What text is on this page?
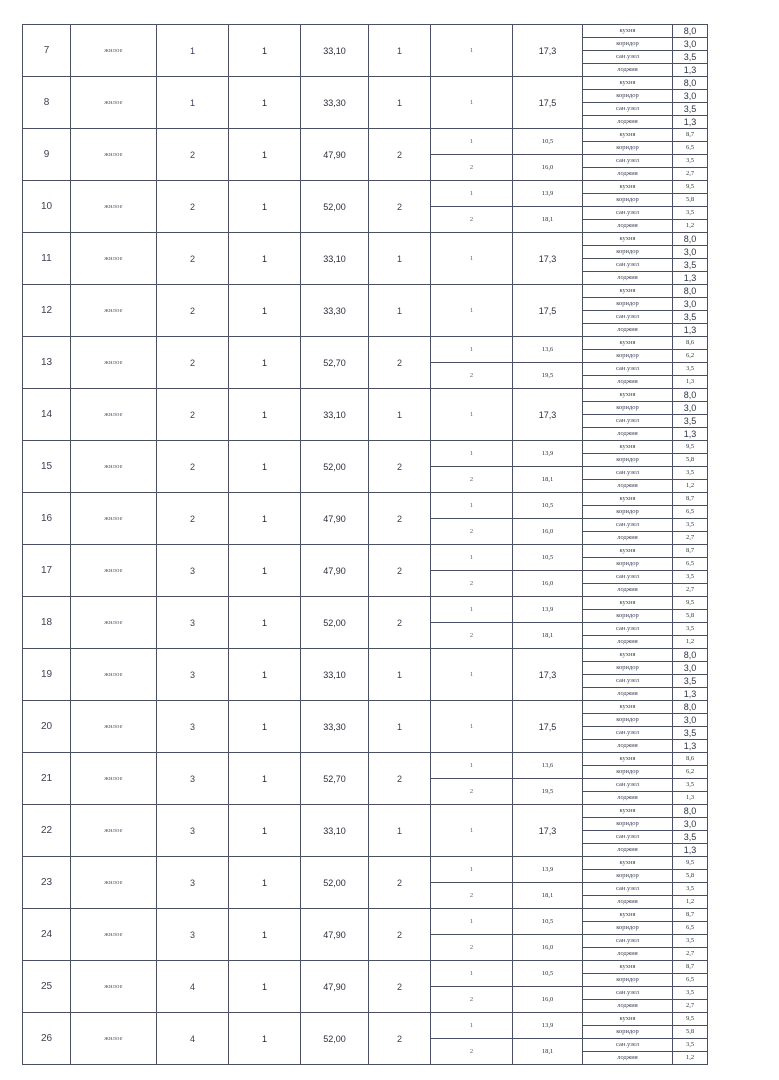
7	жилое	1	1	33,10	1	1	17,3	кухня	8,0
								коридор	3,0
								сан.узел	3,5
								лоджия	1,3
8	жилое	1	1	33,30	1	1	17,5	кухня	8,0
								коридор	3,0
								сан.узел	3,5
								лоджия	1,3
9	жилое	2	1	47,90	2	1	10,5	кухня	8,7
								коридор	6,5
						2	16,0	сан.узел	3,5
								лоджия	2,7
10	жилое	2	1	52,00	2	1	13,9	кухня	9,5
								коридор	5,8
						2	18,1	сан.узел	3,5
								лоджия	1,2
11	жилое	2	1	33,10	1	1	17,3	кухня	8,0
								коридор	3,0
								сан.узел	3,5
								лоджия	1,3
12	жилое	2	1	33,30	1	1	17,5	кухня	8,0
								коридор	3,0
								сан.узел	3,5
								лоджия	1,3
13	жилое	2	1	52,70	2	1	13,6	кухня	8,6
								коридор	6,2
						2	19,5	сан.узел	3,5
								лоджия	1,3
14	жилое	2	1	33,10	1	1	17,3	кухня	8,0
								коридор	3,0
								сан.узел	3,5
								лоджия	1,3
15	жилое	2	1	52,00	2	1	13,9	кухня	9,5
								коридор	5,8
						2	18,1	сан.узел	3,5
								лоджия	1,2
16	жилое	2	1	47,90	2	1	10,5	кухня	8,7
								коридор	6,5
						2	16,0	сан.узел	3,5
								лоджия	2,7
17	жилое	3	1	47,90	2	1	10,5	кухня	8,7
								коридор	6,5
						2	16,0	сан.узел	3,5
								лоджия	2,7
18	жилое	3	1	52,00	2	1	13,9	кухня	9,5
								коридор	5,8
						2	18,1	сан.узел	3,5
								лоджия	1,2
19	жилое	3	1	33,10	1	1	17,3	кухня	8,0
								коридор	3,0
								сан.узел	3,5
								лоджия	1,3
20	жилое	3	1	33,30	1	1	17,5	кухня	8,0
								коридор	3,0
								сан.узел	3,5
								лоджия	1,3
21	жилое	3	1	52,70	2	1	13,6	кухня	8,6
								коридор	6,2
						2	19,5	сан.узел	3,5
								лоджия	1,3
22	жилое	3	1	33,10	1	1	17,3	кухня	8,0
								коридор	3,0
								сан.узел	3,5
								лоджия	1,3
23	жилое	3	1	52,00	2	1	13,9	кухня	9,5
								коридор	5,8
						2	18,1	сан.узел	3,5
								лоджия	1,2
24	жилое	3	1	47,90	2	1	10,5	кухня	8,7
								коридор	6,5
						2	16,0	сан.узел	3,5
								лоджия	2,7
25	жилое	4	1	47,90	2	1	10,5	кухня	8,7
								коридор	6,5
						2	16,0	сан.узел	3,5
								лоджия	2,7
26	жилое	4	1	52,00	2	1	13,9	кухня	9,5
								коридор	5,8
						2	18,1	сан.узел	3,5
								лоджия	1,2
